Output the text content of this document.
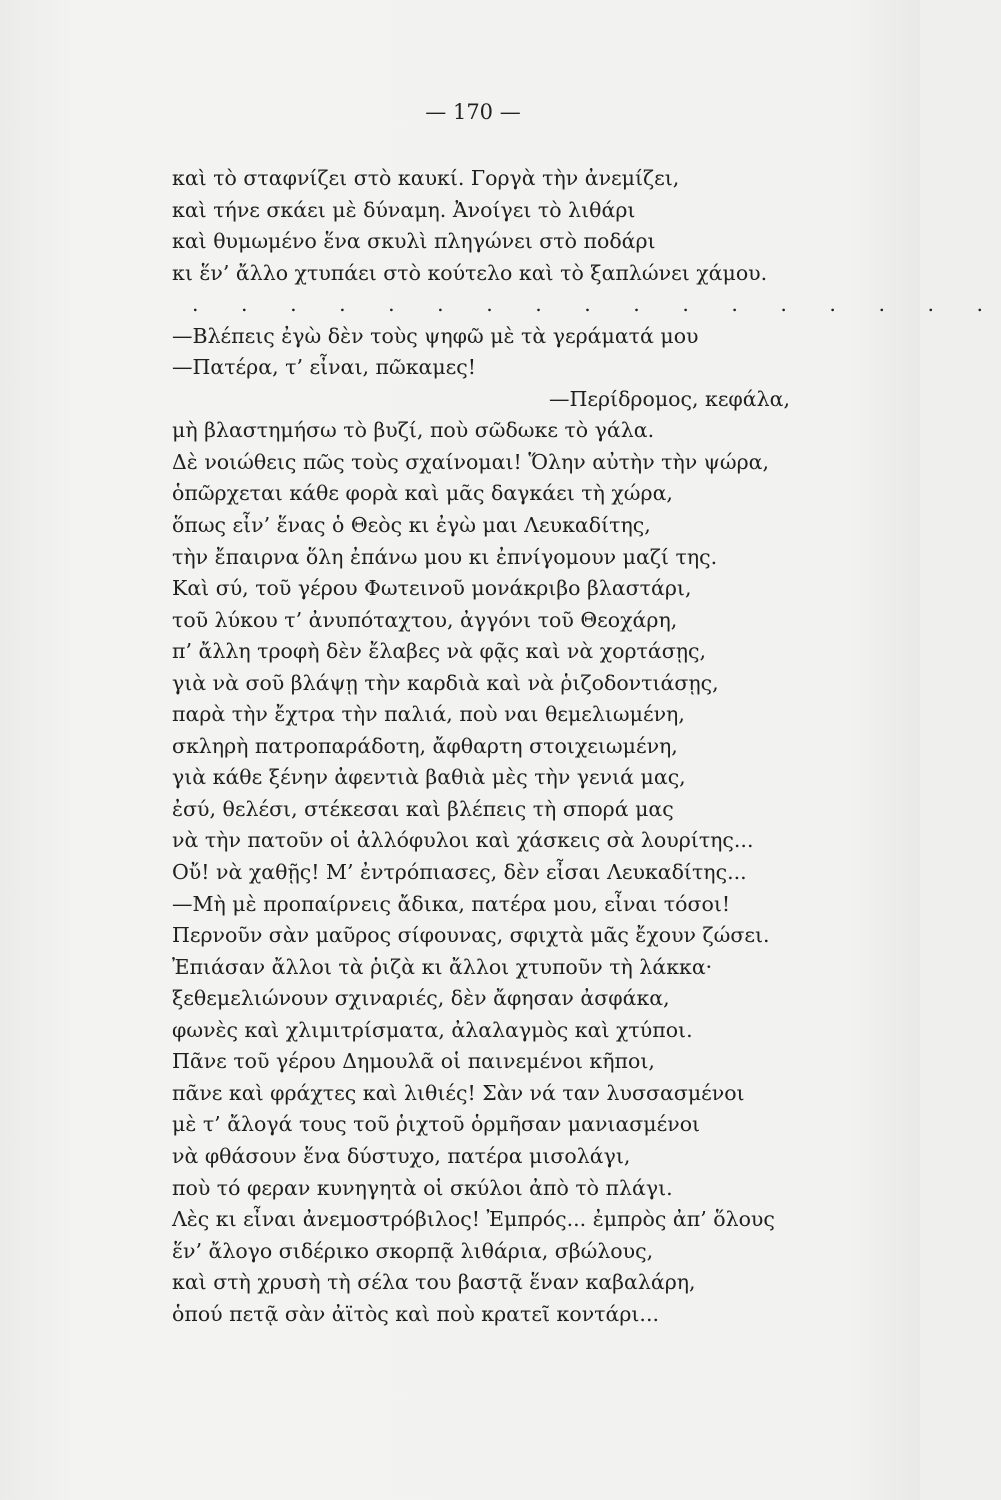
— 170 —

καὶ τὸ σταφνίζει στὸ καυκί. Γοργὰ τὴν ἀνεμίζει,
καὶ τήνε σκάει μὲ δύναμη. Ἀνοίγει τὸ λιθάρι
καὶ θυμωμένο ἕνα σκυλὶ πληγώνει στὸ ποδάρι
κι ἕν’ ἄλλο χτυπάει στὸ κούτελο καὶ τὸ ξαπλώνει χάμου.
. . . . . . . . . . . . . . . . .
—Βλέπεις ἐγὼ δὲν τοὺς ψηφῶ μὲ τὰ γεράματά μου
—Πατέρα, τ’ εἶναι, πῶκαμες!
—Περίδρομος, κεφάλα,
μὴ βλαστημήσω τὸ βυζί, ποὺ σῶδωκε τὸ γάλα.
Δὲ νοιώθεις πῶς τοὺς σχαίνομαι! Ὅλην αὐτὴν τὴν ψώρα,
ὁπῶρχεται κάθε φορὰ καὶ μᾶς δαγκάει τὴ χώρα,
ὅπως εἶν’ ἕνας ὁ Θεὸς κι ἐγὼ μαι Λευκαδίτης,
τὴν ἔπαιρνα ὅλη ἐπάνω μου κι ἐπνίγομουν μαζί της.
Καὶ σύ, τοῦ γέρου Φωτεινοῦ μονάκριβο βλαστάρι,
τοῦ λύκου τ’ ἀνυπόταχτου, ἀγγόνι τοῦ Θεοχάρη,
π’ ἄλλη τροφὴ δὲν ἔλαβες νὰ φᾷς καὶ νὰ χορτάσῃς,
γιὰ νὰ σοῦ βλάψῃ τὴν καρδιὰ καὶ νὰ ῥιζοδοντιάσῃς,
παρὰ τὴν ἔχτρα τὴν παλιά, ποὺ ναι θεμελιωμένη,
σκληρὴ πατροπαράδοτη, ἄφθαρτη στοιχειωμένη,
γιὰ κάθε ξένην ἀφεντιὰ βαθιὰ μὲς τὴν γενιά μας,
ἐσύ, θελέσι, στέκεσαι καὶ βλέπεις τὴ σπορά μας
νὰ τὴν πατοῦν οἱ ἀλλόφυλοι καὶ χάσκεις σὰ λουρίτης...
Οὔ! νὰ χαθῇς! Μ’ ἐντρόπιασες, δὲν εἶσαι Λευκαδίτης...
—Μὴ μὲ προπαίρνεις ἄδικα, πατέρα μου, εἶναι τόσοι!
Περνοῦν σὰν μαῦρος σίφουνας, σφιχτὰ μᾶς ἔχουν ζώσει.
Ἐπιάσαν ἄλλοι τὰ ῥιζὰ κι ἄλλοι χτυποῦν τὴ λάκκα·
ξεθεμελιώνουν σχιναριές, δὲν ἄφησαν ἀσφάκα,
φωνὲς καὶ χλιμιτρίσματα, ἀλαλαγμὸς καὶ χτύποι.
Πᾶνε τοῦ γέρου Δημουλᾶ οἱ παινεμένοι κῆποι,
πᾶνε καὶ φράχτες καὶ λιθιές! Σὰν νά ταν λυσσασμένοι
μὲ τ’ ἄλογά τους τοῦ ῥιχτοῦ ὁρμῆσαν μανιασμένοι
νὰ φθάσουν ἕνα δύστυχο, πατέρα μισολάγι,
ποὺ τό φεραν κυνηγητὰ οἱ σκύλοι ἀπὸ τὸ πλάγι.
Λὲς κι εἶναι ἀνεμοστρόβιλος! Ἐμπρός... ἐμπρὸς ἀπ’ ὅλους
ἕν’ ἄλογο σιδέρικο σκορπᾷ λιθάρια, σβώλους,
καὶ στὴ χρυσὴ τὴ σέλα του βαστᾷ ἕναν καβαλάρη,
ὁπού πετᾷ σὰν ἀϊτὸς καὶ ποὺ κρατεῖ κοντάρι...
